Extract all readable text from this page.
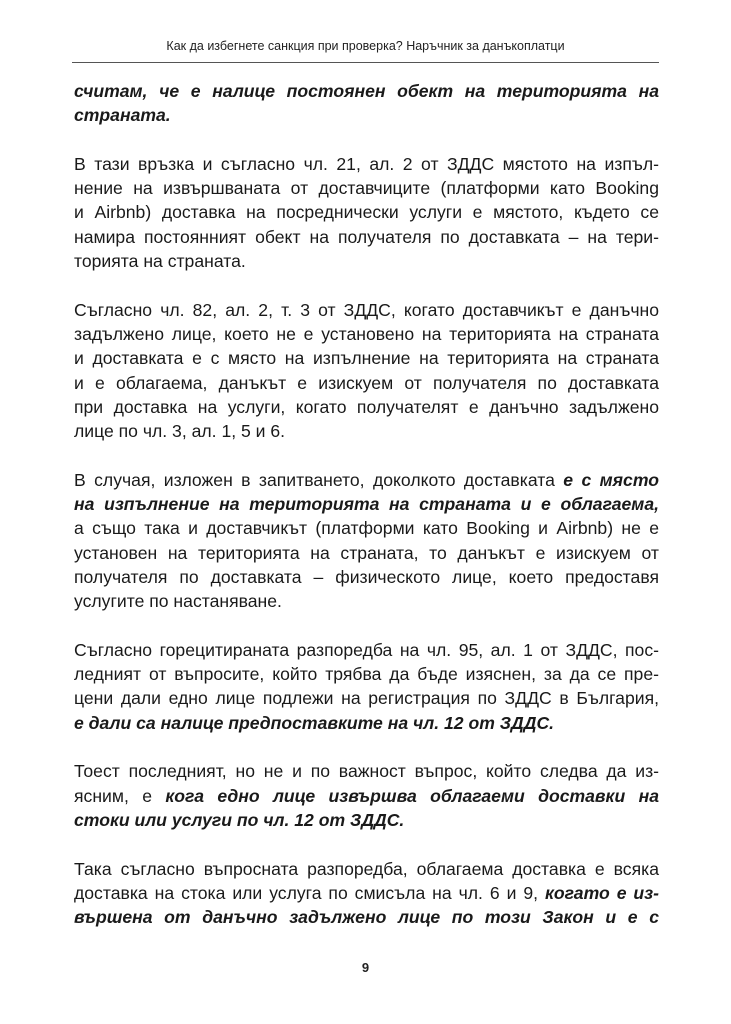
Как да избегнете санкция при проверка? Наръчник за данъкоплатци
считам, че е налице постоянен обект на територията на
страната.
В тази връзка и съгласно чл. 21, ал. 2 от ЗДДС мястото на изпъл-
нение на извършваната от доставчиците (платформи като Booking
и Airbnb) доставка на посреднически услуги е мястото, където се
намира постоянният обект на получателя по доставката – на тери-
торията на страната.
Съгласно чл. 82, ал. 2, т. 3 от ЗДДС, когато доставчикът е данъчно
задължено лице, което не е установено на територията на страната
и доставката е с място на изпълнение на територията на страната
и е облагаема, данъкът е изискуем от получателя по доставката
при доставка на услуги, когато получателят е данъчно задължено
лице по чл. 3, ал. 1, 5 и 6.
В случая, изложен в запитването, доколкото доставката е с място
на изпълнение на територията на страната и е облагаема,
а също така и доставчикът (платформи като Booking и Airbnb) не е
установен на територията на страната, то данъкът е изискуем от
получателя по доставката – физическото лице, което предоставя
услугите по настаняване.
Съгласно горецитираната разпоредба на чл. 95, ал. 1 от ЗДДС, пос-
ледният от въпросите, който трябва да бъде изяснен, за да се пре-
цени дали едно лице подлежи на регистрация по ЗДДС в България,
е дали са налице предпоставките на чл. 12 от ЗДДС.
Тоест последният, но не и по важност въпрос, който следва да из-
ясним, е кога едно лице извършва облагаеми доставки на
стоки или услуги по чл. 12 от ЗДДС.
Така съгласно въпросната разпоредба, облагаема доставка е всяка
доставка на стока или услуга по смисъла на чл. 6 и 9, когато е из-
вършена от данъчно задължено лице по този Закон и е с
9
